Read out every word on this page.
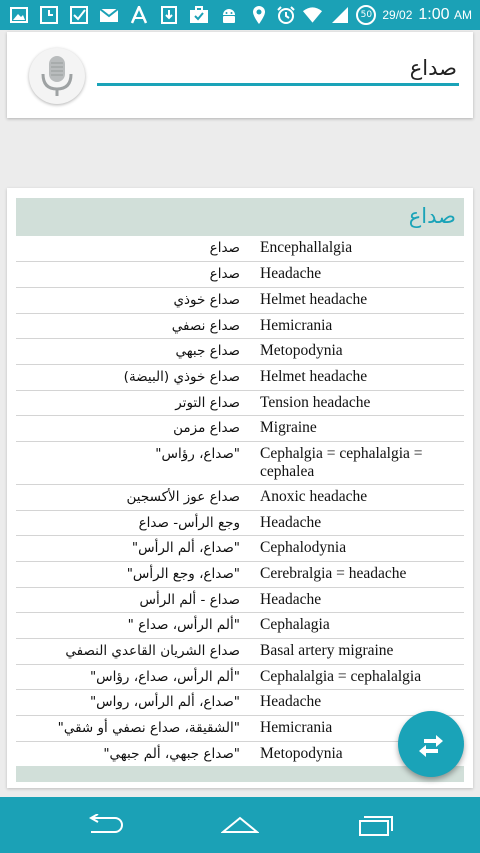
50 29/02 1:00 AM
صداع
صداع
صداع	Encephallalgia
صداع	Headache
صداع خوذي	Helmet headache
صداع نصفي	Hemicrania
صداع جبهي	Metopodynia
صداع خوذي (البيضة)	Helmet headache
صداع التوتر	Tension headache
صداع مزمن	Migraine
"صداع، رؤاس"	Cephalgia = cephalalgia = cephalea
صداع عوز الأكسجين	Anoxic headache
وجع الرأس- صداع	Headache
"صداع، ألم الرأس"	Cephalodynia
"صداع، وجع الرأس"	Cerebralgia = headache
صداع - ألم الرأس	Headache
"ألم الرأس، صداع "	Cephalagia
صداع الشريان القاعدي النصفي	Basal artery migraine
"ألم الرأس، صداع، رؤاس"	Cephalalgia = cephalalgia
"صداع، ألم الرأس، رواس"	Headache
"الشقيقة، صداع نصفي أو شقي"	Hemicrania
"صداع جبهي، ألم جبهي"	Metopodynia
